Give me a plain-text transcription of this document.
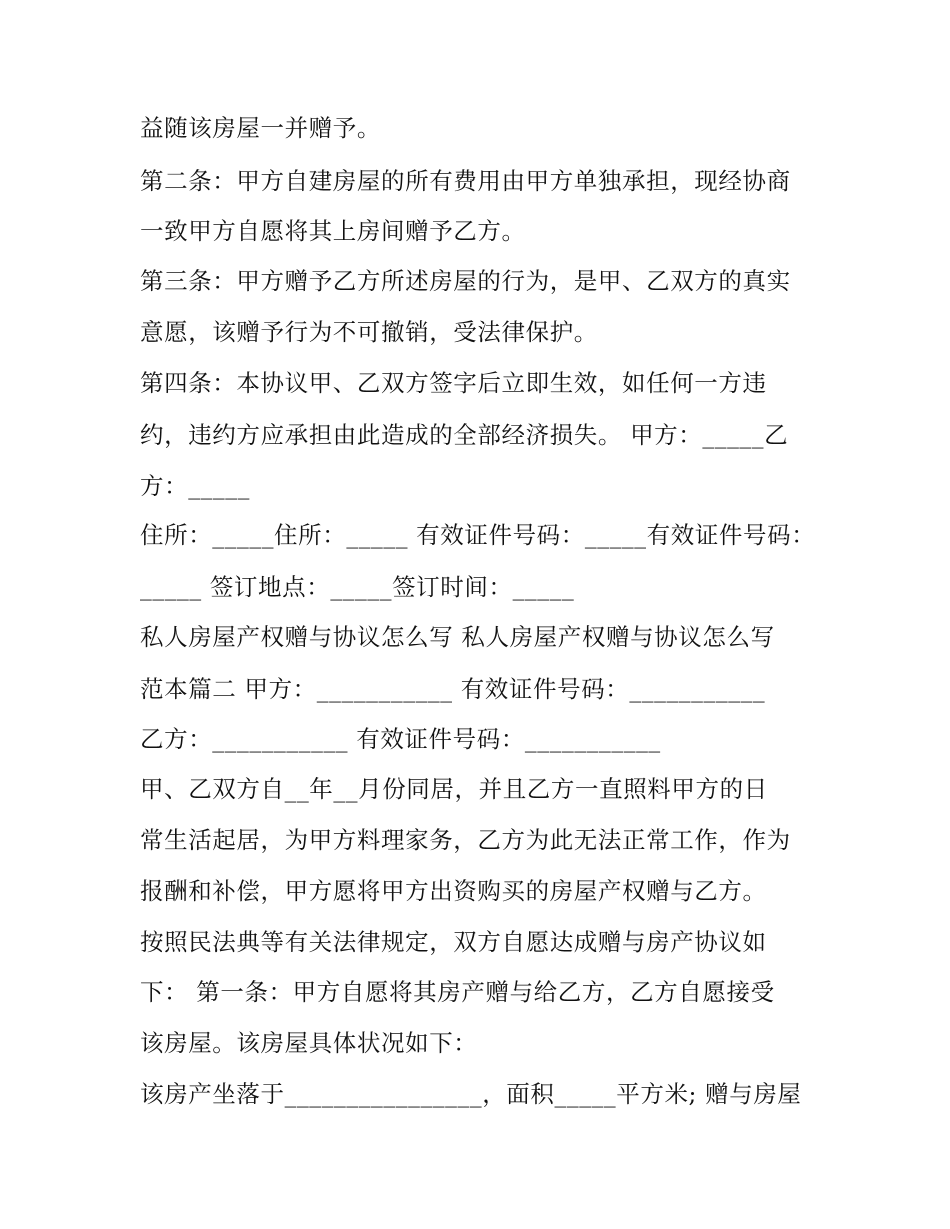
益随该房屋一并赠予。
第二条：甲方自建房屋的所有费用由甲方单独承担，现经协商
一致甲方自愿将其上房间赠予乙方。
第三条：甲方赠予乙方所述房屋的行为，是甲、乙双方的真实
意愿，该赠予行为不可撤销，受法律保护。
第四条：本协议甲、乙双方签字后立即生效，如任何一方违
约，违约方应承担由此造成的全部经济损失。 甲方：_____乙
方：_____
住所：_____住所：_____ 有效证件号码：_____有效证件号码：
_____ 签订地点：_____签订时间：_____
私人房屋产权赠与协议怎么写 私人房屋产权赠与协议怎么写
范本篇二 甲方：___________ 有效证件号码：___________
乙方：___________ 有效证件号码：___________
甲、乙双方自__年__月份同居，并且乙方一直照料甲方的日
常生活起居，为甲方料理家务，乙方为此无法正常工作，作为
报酬和补偿，甲方愿将甲方出资购买的房屋产权赠与乙方。
按照民法典等有关法律规定，双方自愿达成赠与房产协议如
下： 第一条：甲方自愿将其房产赠与给乙方，乙方自愿接受
该房屋。该房屋具体状况如下：
该房产坐落于________________，面积_____平方米; 赠与房屋
